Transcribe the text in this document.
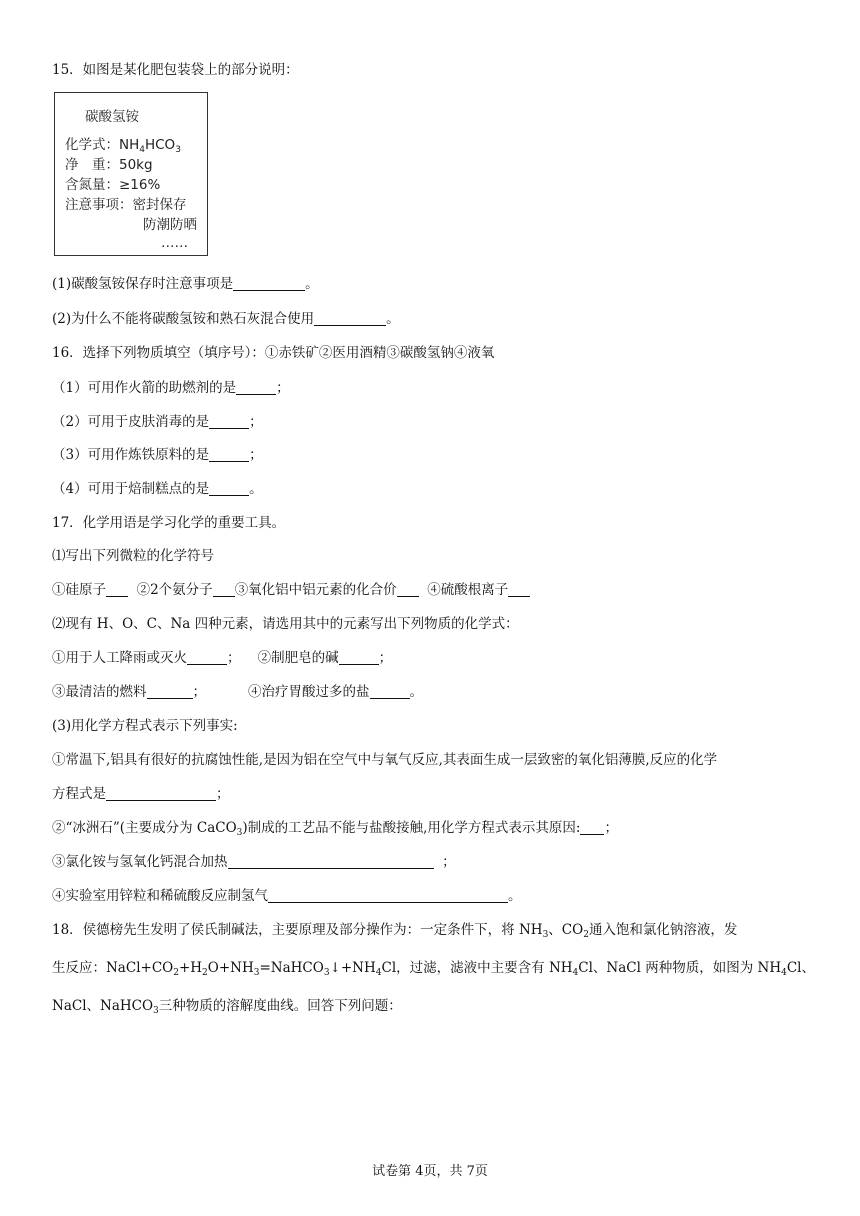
15．如图是某化肥包装袋上的部分说明：
碳酸氢铵
化学式：$NH_4HCO_3$
净　重：50kg
含氮量：≥16%
注意事项：密封保存
防潮防晒
……
(1)碳酸氢铵保存时注意事项是	。
(2)为什么不能将碳酸氢铵和熟石灰混合使用	。
16．选择下列物质填空（填序号）：①赤铁矿②医用酒精③碳酸氢钠④液氧
（1）可用作火箭的助燃剂的是	；
（2）可用于皮肤消毒的是	；
（3）可用作炼铁原料的是	；
（4）可用于焙制糕点的是	。
17．化学用语是学习化学的重要工具。
⑴写出下列微粒的化学符号
①硅原子 ②2个氨分子 ③氧化铝中铝元素的化合价 ④硫酸根离子
⑵现有 H、O、C、Na 四种元素，请选用其中的元素写出下列物质的化学式：
①用于人工降雨或灭火	； ②制肥皂的碱	；
③最清洁的燃料	；	④治疗胃酸过多的盐	。
(3)用化学方程式表示下列事实:
①常温下,铝具有很好的抗腐蚀性能,是因为铝在空气中与氧气反应,其表面生成一层致密的氧化铝薄膜,反应的化学
方程式是	；
②“冰洲石”(主要成分为 CaCO$_3$)制成的工艺品不能与盐酸接触,用化学方程式表示其原因: ；
③氯化铵与氢氧化钙混合加热	；
④实验室用锌粒和稀硫酸反应制氢气	。
18．侯德榜先生发明了侯氏制碱法，主要原理及部分操作为：一定条件下，将 $NH_3$、$CO_2$通入饱和氯化钠溶液，发
生反应：$NaCl+CO_2+H_2O+NH_3=NaHCO_3↓+NH_4Cl$，过滤，滤液中主要含有 $NH_4Cl$、NaCl 两种物质，如图为 $NH_4Cl$、
NaCl、NaHCO$_3$三种物质的溶解度曲线。回答下列问题：
试卷第 4页，共 7页
